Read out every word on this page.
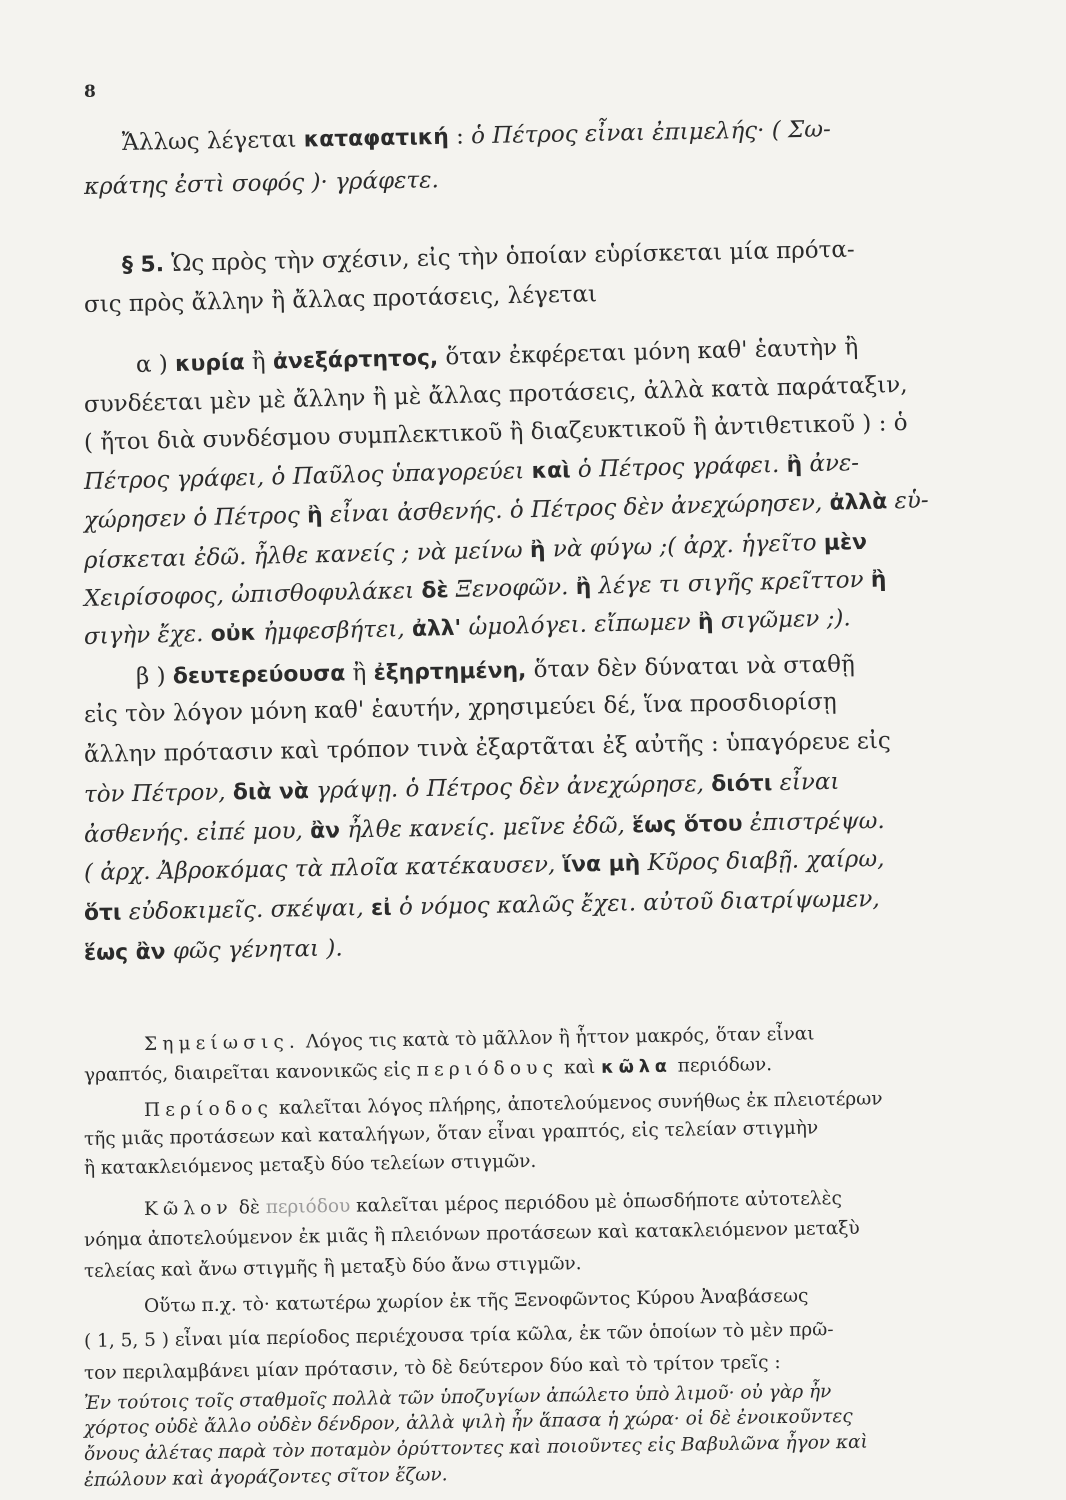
8
Ἄλλως λέγεται καταφατική : ὁ Πέτρος εἶναι ἐπιμελής· ( Σω-
κράτης ἐστὶ σοφός )· γράφετε.
§ 5. Ὡς πρὸς τὴν σχέσιν, εἰς τὴν ὁποίαν εὑρίσκεται μία πρότα-
σις πρὸς ἄλλην ἢ ἄλλας προτάσεις, λέγεται
α ) κυρία ἢ ἀνεξάρτητος, ὅταν ἐκφέρεται μόνη καθ' ἑαυτὴν ἢ
συνδέεται μὲν μὲ ἄλλην ἢ μὲ ἄλλας προτάσεις, ἀλλὰ κατὰ παράταξιν,
( ἤτοι διὰ συνδέσμου συμπλεκτικοῦ ἢ διαζευκτικοῦ ἢ ἀντιθετικοῦ ) : ὁ
Πέτρος γράφει, ὁ Παῦλος ὑπαγορεύει καὶ ὁ Πέτρος γράφει. ἢ ἀνε-
χώρησεν ὁ Πέτρος ἢ εἶναι ἀσθενής. ὁ Πέτρος δὲν ἀνεχώρησεν, ἀλλὰ εὑ-
ρίσκεται ἐδῶ. ἦλθε κανείς ; νὰ μείνω ἢ νὰ φύγω ;( ἀρχ. ἡγεῖτο μὲν
Χειρίσοφος, ὠπισθοφυλάκει δὲ Ξενοφῶν. ἢ λέγε τι σιγῆς κρεῖττον ἢ
σιγὴν ἔχε. οὐκ ἠμφεσβήτει, ἀλλ' ὡμολόγει. εἴπωμεν ἢ σιγῶμεν ;).
β ) δευτερεύουσα ἢ ἐξηρτημένη, ὅταν δὲν δύναται νὰ σταθῇ
εἰς τὸν λόγον μόνη καθ' ἑαυτήν, χρησιμεύει δέ, ἵνα προσδιορίσῃ
ἄλλην πρότασιν καὶ τρόπον τινὰ ἐξαρτᾶται ἐξ αὐτῆς : ὑπαγόρευε εἰς
τὸν Πέτρον, διὰ νὰ γράψῃ. ὁ Πέτρος δὲν ἀνεχώρησε, διότι εἶναι
ἀσθενής. εἰπέ μου, ἂν ἦλθε κανείς. μεῖνε ἐδῶ, ἕως ὅτου ἐπιστρέψω.
( ἀρχ. Ἀβροκόμας τὰ πλοῖα κατέκαυσεν, ἵνα μὴ Κῦρος διαβῇ. χαίρω,
ὅτι εὐδοκιμεῖς. σκέψαι, εἰ ὁ νόμος καλῶς ἔχει. αὐτοῦ διατρίψωμεν,
ἕως ἂν φῶς γένηται ).
Σημείωσις. Λόγος τις κατὰ τὸ μᾶλλον ἢ ἧττον μακρός, ὅταν εἶναι
γραπτός, διαιρεῖται κανονικῶς εἰς περιόδους καὶ κῶλα περιόδων.
Περίοδος καλεῖται λόγος πλήρης, ἀποτελούμενος συνήθως ἐκ πλειοτέρων
τῆς μιᾶς προτάσεων καὶ καταλήγων, ὅταν εἶναι γραπτός, εἰς τελείαν στιγμὴν
ἢ κατακλειόμενος μεταξὺ δύο τελείων στιγμῶν.
Κῶλον δὲ περιόδου καλεῖται μέρος περιόδου μὲ ὁπωσδήποτε αὐτοτελὲς
νόημα ἀποτελούμενον ἐκ μιᾶς ἢ πλειόνων προτάσεων καὶ κατακλειόμενον μεταξὺ
τελείας καὶ ἄνω στιγμῆς ἢ μεταξὺ δύο ἄνω στιγμῶν.
Οὕτω π.χ. τὸ· κατωτέρω χωρίον ἐκ τῆς Ξενοφῶντος Κύρου Ἀναβάσεως
( 1, 5, 5 ) εἶναι μία περίοδος περιέχουσα τρία κῶλα, ἐκ τῶν ὁποίων τὸ μὲν πρῶ-
τον περιλαμβάνει μίαν πρότασιν, τὸ δὲ δεύτερον δύο καὶ τὸ τρίτον τρεῖς :
Ἐν τούτοις τοῖς σταθμοῖς πολλὰ τῶν ὑποζυγίων ἀπώλετο ὑπὸ λιμοῦ· οὐ γὰρ ἦν
χόρτος οὐδὲ ἄλλο οὐδὲν δένδρον, ἀλλὰ ψιλὴ ἦν ἅπασα ἡ χώρα· οἱ δὲ ἐνοικοῦντες
ὄνους ἀλέτας παρὰ τὸν ποταμὸν ὀρύττοντες καὶ ποιοῦντες εἰς Βαβυλῶνα ἦγον καὶ
ἐπώλουν καὶ ἀγοράζοντες σῖτον ἔζων.
